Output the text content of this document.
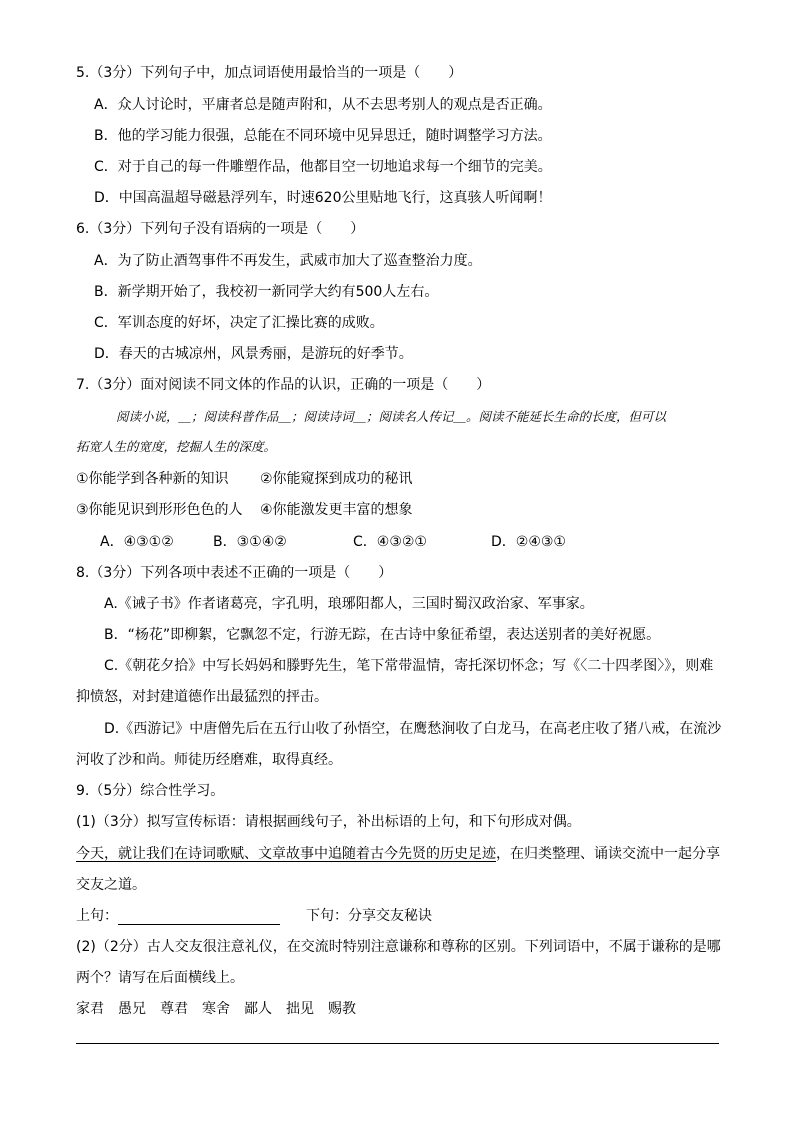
5.（3分）下列句子中，加点词语使用最恰当的一项是（　　）
A．众人讨论时，平庸者总是随声附和，从不去思考别人的观点是否正确。
B．他的学习能力很强，总能在不同环境中见异思迁，随时调整学习方法。
C．对于自己的每一件雕塑作品，他都目空一切地追求每一个细节的完美。
D．中国高温超导磁悬浮列车，时速620公里贴地飞行，这真骇人听闻啊！
6.（3分）下列句子没有语病的一项是（　　）
A．为了防止酒驾事件不再发生，武威市加大了巡查整治力度。
B．新学期开始了，我校初一新同学大约有500人左右。
C．军训态度的好坏，决定了汇操比赛的成败。
D．春天的古城凉州，风景秀丽，是游玩的好季节。
7.（3分）面对阅读不同文体的作品的认识，正确的一项是（　　）
阅读小说，＿；阅读科普作品＿；阅读诗词＿；阅读名人传记＿。阅读不能延长生命的长度，但可以
拓宽人生的宽度，挖掘人生的深度。
①你能学到各种新的知识 ②你能窥探到成功的秘讯
③你能见识到形形色色的人 ④你能激发更丰富的想象
A．④③①②	B．③①④②	C．④③②①	D．②④③①
8.（3分）下列各项中表述不正确的一项是（　　）
A.《诫子书》作者诸葛亮，字孔明，琅琊阳都人，三国时蜀汉政治家、军事家。
B．“杨花”即柳絮，它飘忽不定，行游无踪，在古诗中象征希望，表达送别者的美好祝愿。
C.《朝花夕拾》中写长妈妈和滕野先生，笔下常带温情，寄托深切怀念；写《〈二十四孝图〉》，则难
抑愤怒，对封建道德作出最猛烈的抨击。
D.《西游记》中唐僧先后在五行山收了孙悟空，在鹰愁涧收了白龙马，在高老庄收了猪八戒，在流沙
河收了沙和尚。师徒历经磨难，取得真经。
9.（5分）综合性学习。
(1)（3分）拟写宣传标语：请根据画线句子，补出标语的上句，和下句形成对偶。
今天，就让我们在诗词歌赋、文章故事中追随着古今先贤的历史足迹，在归类整理、诵读交流中一起分享
交友之道。
上句：	下句：分享交友秘诀
(2)（2分）古人交友很注意礼仪，在交流时特别注意谦称和尊称的区别。下列词语中，不属于谦称的是哪
两个？请写在后面横线上。
家君　愚兄　尊君　寒舍　鄙人　拙见　赐教
